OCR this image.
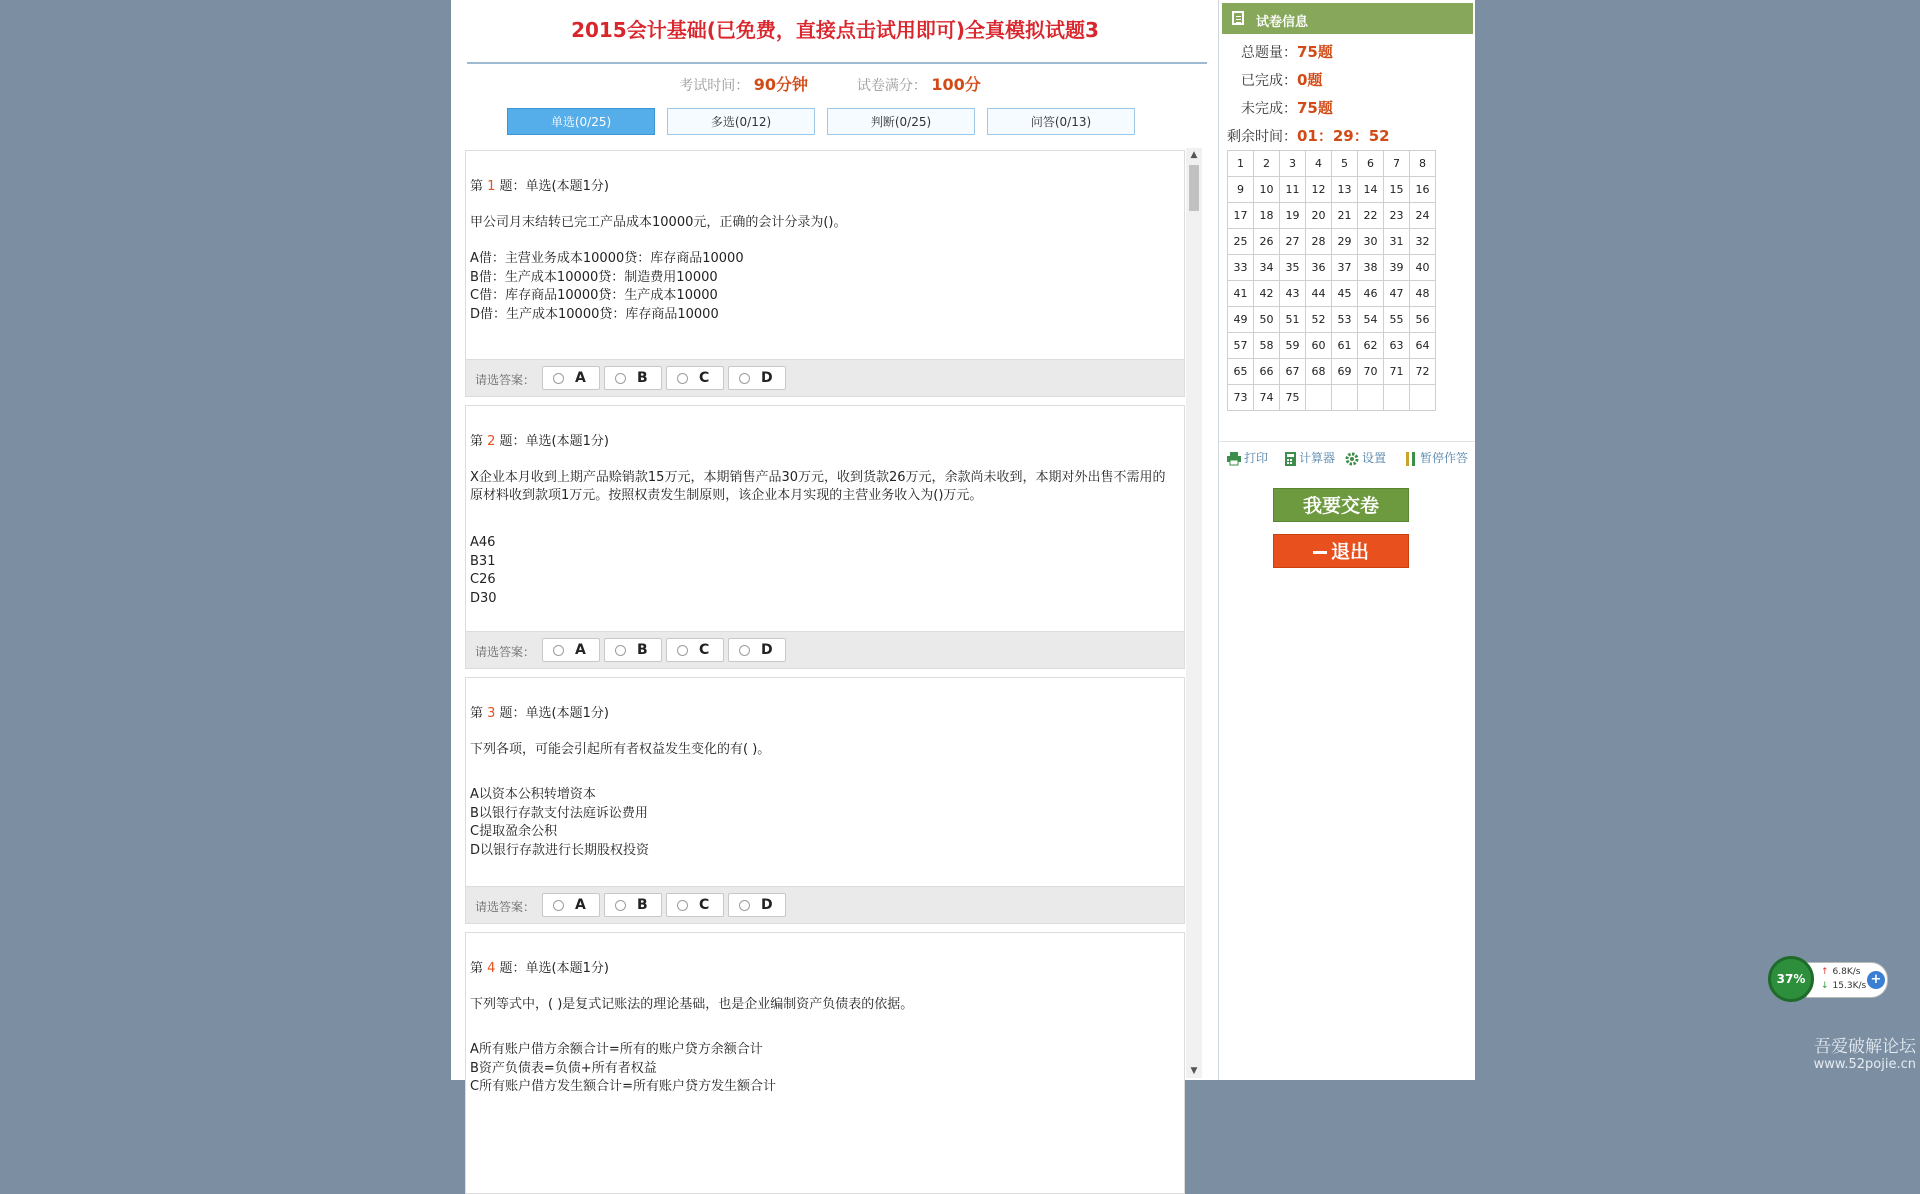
2015会计基础(已免费，直接点击试用即可)全真模拟试题3
考试时间： 90分钟	试卷满分： 100分
单选(0/25)	多选(0/12)	判断(0/25)	问答(0/13)
第 1 题：单选(本题1分)
甲公司月末结转已完工产品成本10000元，正确的会计分录为()。
A借：主营业务成本10000贷：库存商品10000
B借：生产成本10000贷：制造费用10000
C借：库存商品10000贷：生产成本10000
D借：生产成本10000贷：库存商品10000
请选答案：	A	B	C	D
第 2 题：单选(本题1分)
X企业本月收到上期产品赊销款15万元，本期销售产品30万元，收到货款26万元，余款尚未收到，本期对外出售不需用的原材料收到款项1万元。按照权责发生制原则，该企业本月实现的主营业务收入为()万元。
A46
B31
C26
D30
请选答案：	A	B	C	D
第 3 题：单选(本题1分)
下列各项，可能会引起所有者权益发生变化的有( )。
A以资本公积转增资本
B以银行存款支付法庭诉讼费用
C提取盈余公积
D以银行存款进行长期股权投资
请选答案：	A	B	C	D
第 4 题：单选(本题1分)
下列等式中，( )是复式记账法的理论基础，也是企业编制资产负债表的依据。
A所有账户借方余额合计=所有的账户贷方余额合计
B资产负债表=负债+所有者权益
C所有账户借方发生额合计=所有账户贷方发生额合计
试卷信息
总题量：75题
已完成：0题
未完成：75题
剩余时间：01：29：52
1	2	3	4	5	6	7	8
9	10	11	12	13	14	15	16
17	18	19	20	21	22	23	24
25	26	27	28	29	30	31	32
33	34	35	36	37	38	39	40
41	42	43	44	45	46	47	48
49	50	51	52	53	54	55	56
57	58	59	60	61	62	63	64
65	66	67	68	69	70	71	72
73	74	75					
打印	计算器	设置	暂停作答
我要交卷
退出
▲
▼
↑ 6.8K/s
↓ 15.3K/s +
37%
吾爱破解论坛
www.52pojie.cn
